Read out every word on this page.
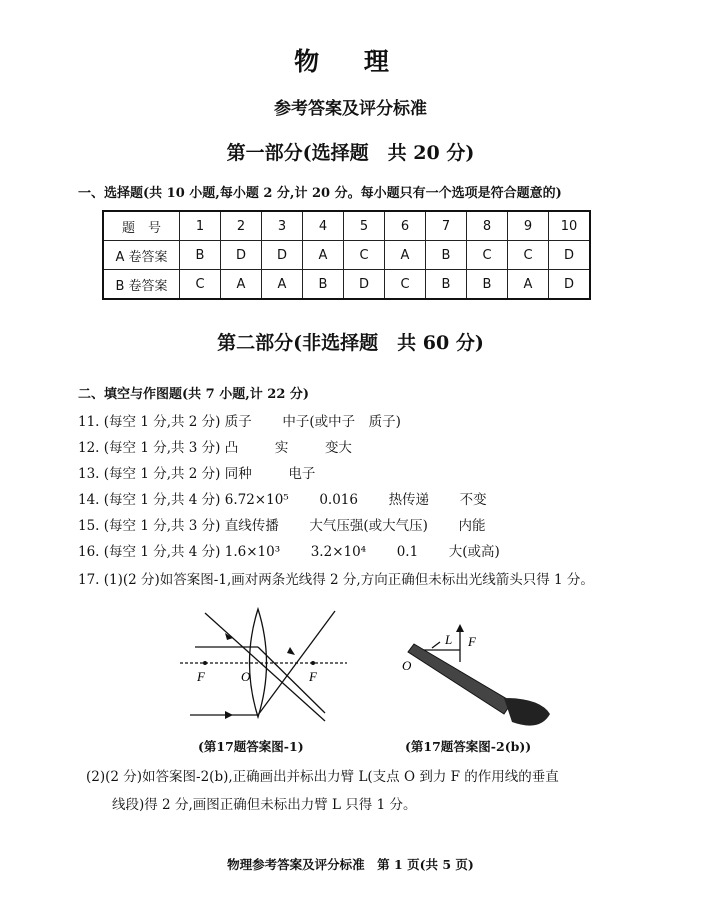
物 理
参考答案及评分标准
第一部分(选择题　共 20 分)
一、选择题(共 10 小题,每小题 2 分,计 20 分。每小题只有一个选项是符合题意的)
题　号	1	2	3	4	5	6	7	8	9	10
A 卷答案	B	D	D	A	C	A	B	C	C	D
B 卷答案	C	A	A	B	D	C	B	B	A	D
第二部分(非选择题　共 60 分)
二、填空与作图题(共 7 小题,计 22 分)
11. (每空 1 分,共 2 分) 质子 中子(或中子　质子)
12. (每空 1 分,共 3 分) 凸	实	变大
13. (每空 1 分,共 2 分) 同种	电子
14. (每空 1 分,共 4 分) 6.72×10⁵ 0.016 热传递 不变
15. (每空 1 分,共 3 分) 直线传播 大气压强(或大气压) 内能
16. (每空 1 分,共 4 分) 1.6×10³ 3.2×10⁴ 0.1 大(或高)
17. (1)(2 分)如答案图-1,画对两条光线得 2 分,方向正确但未标出光线箭头只得 1 分。
F	O	F
(第17题答案图-1)
L F
O
(第17题答案图-2(b))
(2)(2 分)如答案图-2(b),正确画出并标出力臂 L(支点 O 到力 F 的作用线的垂直
线段)得 2 分,画图正确但未标出力臂 L 只得 1 分。
物理参考答案及评分标准　第 1 页(共 5 页)
